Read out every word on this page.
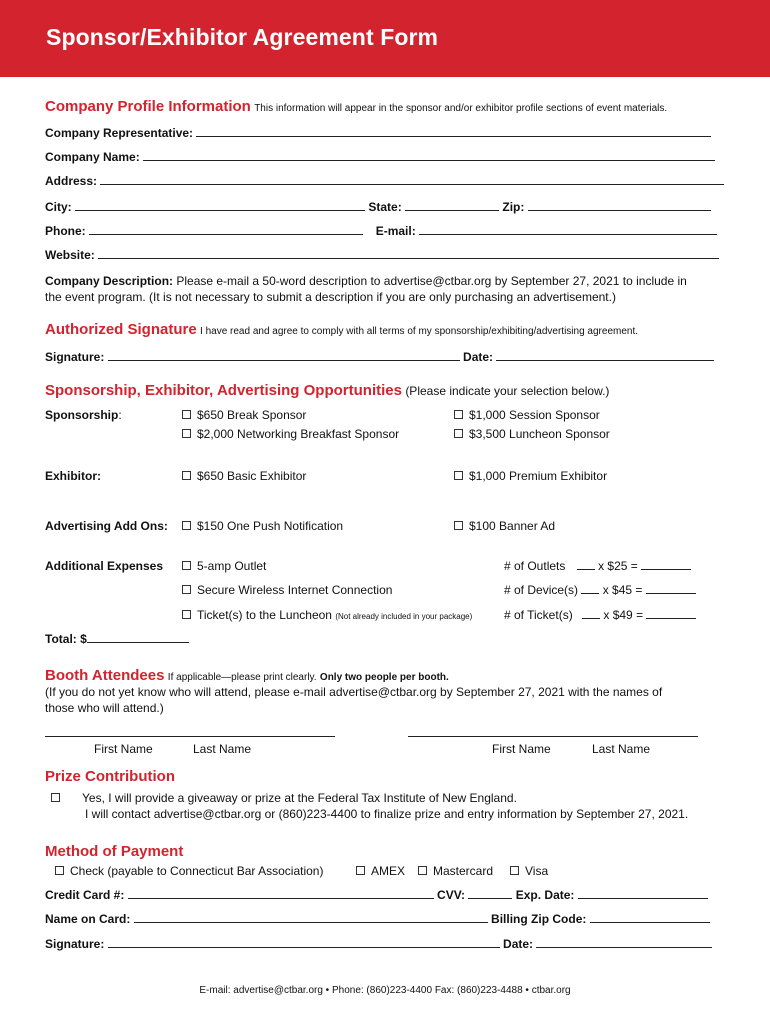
Sponsor/Exhibitor Agreement Form
Company Profile Information This information will appear in the sponsor and/or exhibitor profile sections of event materials.
Company Representative:
Company Name:
Address:
City:	State:	Zip:
Phone:	E-mail:
Website:
Company Description: Please e-mail a 50-word description to advertise@ctbar.org by September 27, 2021 to include in
the event program. (It is not necessary to submit a description if you are only purchasing an advertisement.)
Authorized Signature I have read and agree to comply with all terms of my sponsorship/exhibiting/advertising agreement.
Signature:	Date:
Sponsorship, Exhibitor, Advertising Opportunities (Please indicate your selection below.)
Sponsorship:	$650 Break Sponsor	$1,000 Session Sponsor
$2,000 Networking Breakfast Sponsor	$3,500 Luncheon Sponsor
Exhibitor:	$650 Basic Exhibitor	$1,000 Premium Exhibitor
Advertising Add Ons:	$150 One Push Notification	$100 Banner Ad
Additional Expenses	5-amp Outlet	# of Outlets	x $25 =
Secure Wireless Internet Connection	# of Device(s) x $45 =
Ticket(s) to the Luncheon (Not already included in your package)	# of Ticket(s)	x $49 =
Total: $
Booth Attendees If applicable—please print clearly. Only two people per booth.
(If you do not yet know who will attend, please e-mail advertise@ctbar.org by September 27, 2021 with the names of
those who will attend.)
First Name	Last Name	First Name	Last Name
Prize Contribution
Yes, I will provide a giveaway or prize at the Federal Tax Institute of New England.
I will contact advertise@ctbar.org or (860)223-4400 to finalize prize and entry information by September 27, 2021.
Method of Payment
Check (payable to Connecticut Bar Association)	AMEX	Mastercard	Visa
Credit Card #:	CVV:	Exp. Date:
Name on Card:	Billing Zip Code:
Signature:	Date:
E-mail: advertise@ctbar.org • Phone: (860)223-4400 Fax: (860)223-4488 • ctbar.org
